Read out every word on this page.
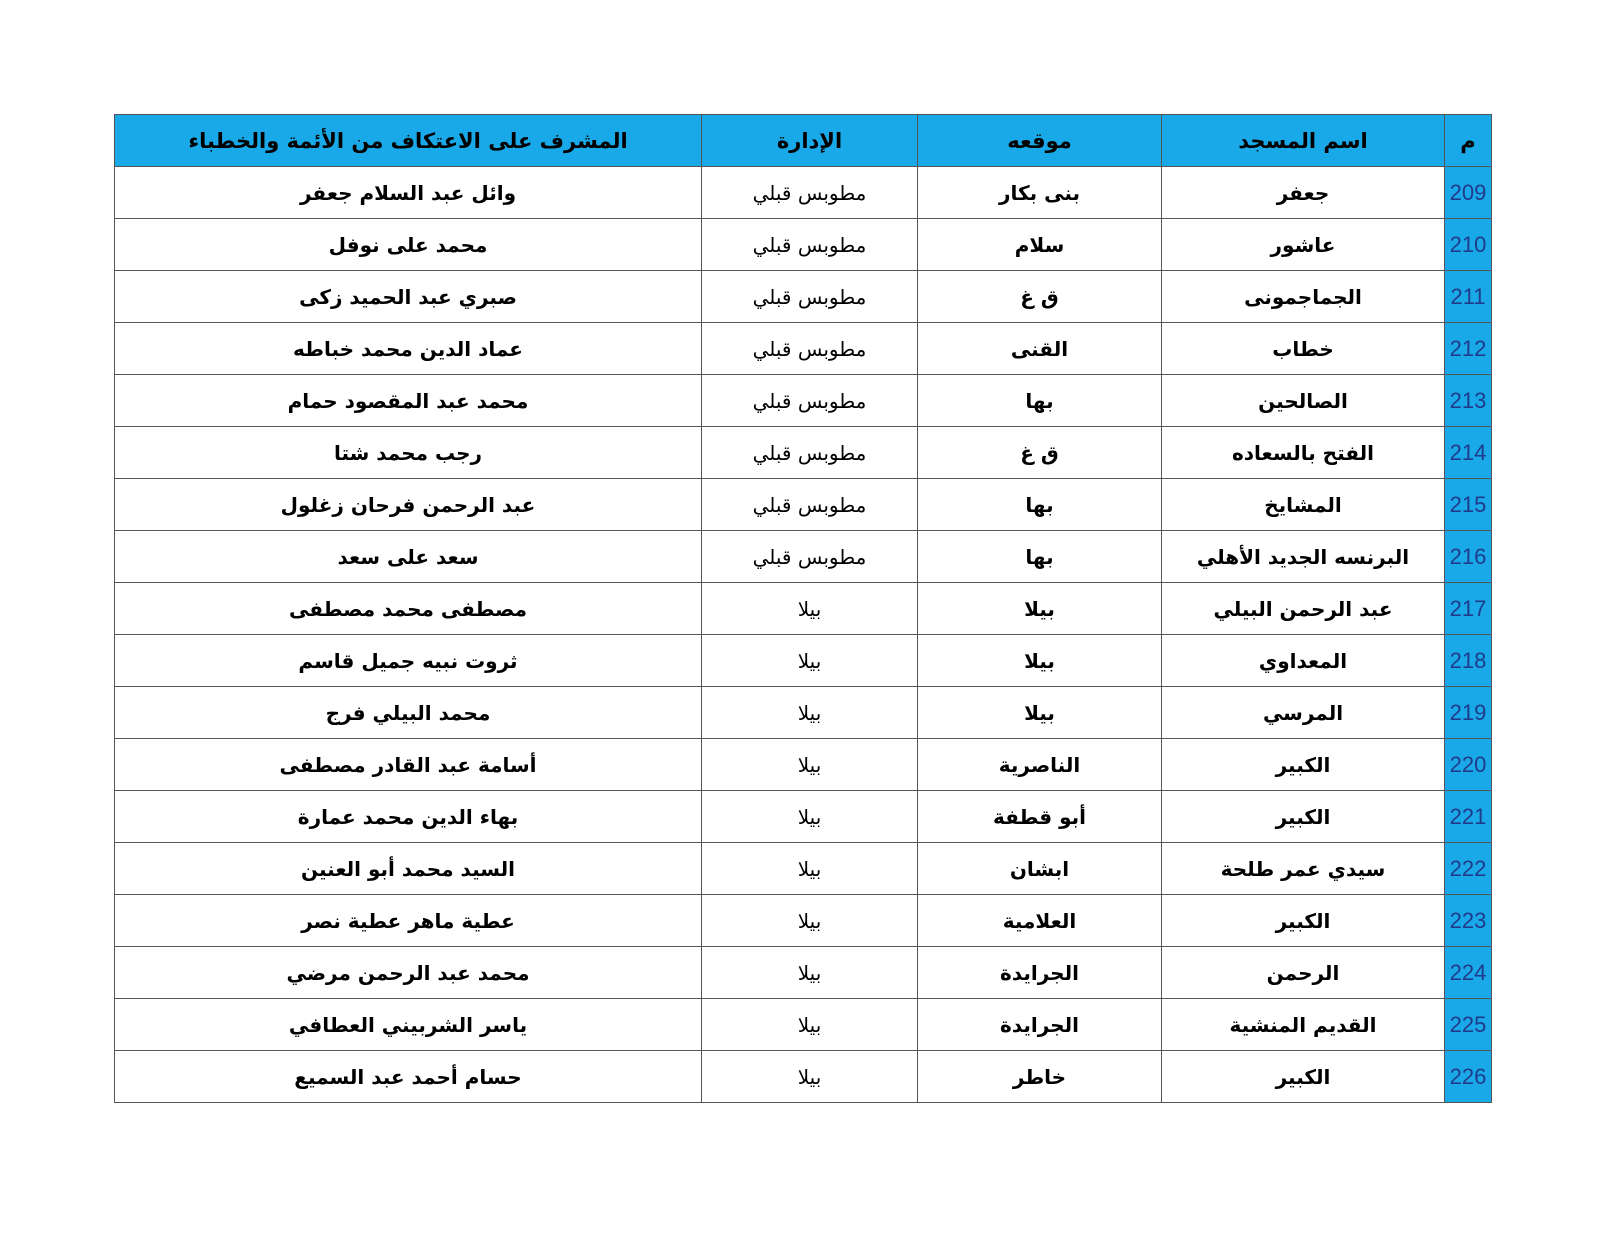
م	اسم المسجد	موقعه	الإدارة	المشرف على الاعتكاف من الأئمة والخطباء
209	جعفر	بنى بكار	مطوبس قبلي	وائل عبد السلام جعفر
210	عاشور	سلام	مطوبس قبلي	محمد على نوفل
211	الجماجمونى	ق غ	مطوبس قبلي	صبري عبد الحميد زكى
212	خطاب	القنى	مطوبس قبلي	عماد الدين محمد خباطه
213	الصالحين	بها	مطوبس قبلي	محمد عبد المقصود حمام
214	الفتح بالسعاده	ق غ	مطوبس قبلي	رجب محمد شتا
215	المشايخ	بها	مطوبس قبلي	عبد الرحمن فرحان زغلول
216	البرنسه الجديد الأهلي	بها	مطوبس قبلي	سعد على سعد
217	عبد الرحمن البيلي	بيلا	بيلا	مصطفى محمد مصطفى
218	المعداوي	بيلا	بيلا	ثروت نبيه جميل قاسم
219	المرسي	بيلا	بيلا	محمد البيلي فرج
220	الكبير	الناصرية	بيلا	أسامة عبد القادر مصطفى
221	الكبير	أبو قطفة	بيلا	بهاء الدين محمد عمارة
222	سيدي عمر طلحة	ابشان	بيلا	السيد محمد أبو العنين
223	الكبير	العلامية	بيلا	عطية ماهر عطية نصر
224	الرحمن	الجرايدة	بيلا	محمد عبد الرحمن مرضي
225	القديم المنشية	الجرايدة	بيلا	ياسر الشربيني العطافي
226	الكبير	خاطر	بيلا	حسام أحمد عبد السميع
